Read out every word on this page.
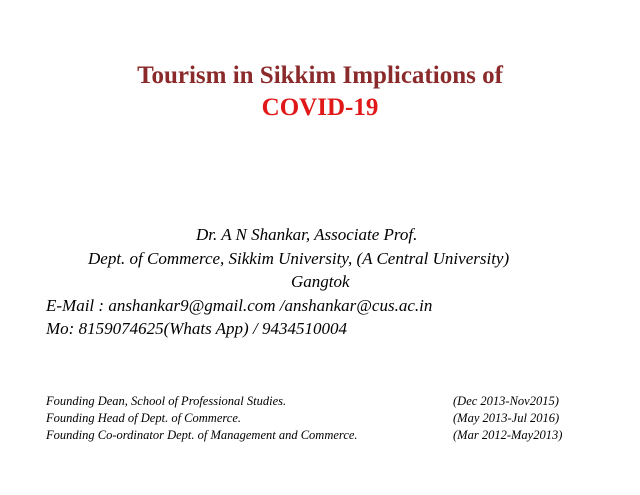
Tourism in Sikkim Implications of
COVID-19
Dr. A N Shankar, Associate Prof.
Dept. of Commerce, Sikkim University, (A Central University)
Gangtok
E-Mail : anshankar9@gmail.com /anshankar@cus.ac.in
Mo: 8159074625(Whats App) / 9434510004
Founding Dean, School of Professional Studies.	(Dec 2013-Nov2015)
Founding Head of Dept. of Commerce.	(May 2013-Jul 2016)
Founding Co-ordinator Dept. of Management and Commerce.	(Mar 2012-May2013)
